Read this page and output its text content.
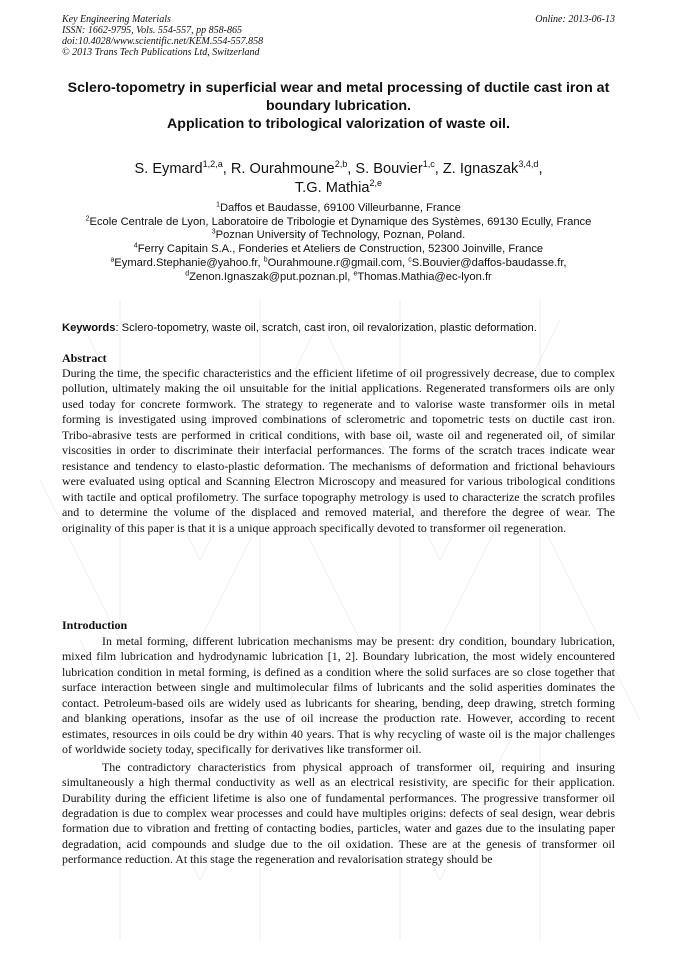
Key Engineering Materials
ISSN: 1662-9795, Vols. 554-557, pp 858-865
doi:10.4028/www.scientific.net/KEM.554-557.858
© 2013 Trans Tech Publications Ltd, Switzerland
Online: 2013-06-13
Sclero-topometry in superficial wear and metal processing of ductile cast iron at boundary lubrication.
Application to tribological valorization of waste oil.
S. Eymard$^{1,2,a}$, R. Ourahmoune$^{2,b}$, S. Bouvier$^{1,c}$, Z. Ignaszak$^{3,4,d}$,
T.G. Mathia$^{2,e}$
$^1$Daffos et Baudasse, 69100 Villeurbanne, France
$^2$Ecole Centrale de Lyon, Laboratoire de Tribologie et Dynamique des Systèmes, 69130 Ecully, France
$^3$Poznan University of Technology, Poznan, Poland.
$^4$Ferry Capitain S.A., Fonderies et Ateliers de Construction, 52300 Joinville, France
$^a$Eymard.Stephanie@yahoo.fr, $^b$Ourahmoune.r@gmail.com, $^c$S.Bouvier@daffos-baudasse.fr,
$^d$Zenon.Ignaszak@put.poznan.pl, $^e$Thomas.Mathia@ec-lyon.fr
Keywords: Sclero-topometry, waste oil, scratch, cast iron, oil revalorization, plastic deformation.
Abstract

During the time, the specific characteristics and the efficient lifetime of oil progressively decrease, due to complex pollution, ultimately making the oil unsuitable for the initial applications. Regenerated transformers oils are only used today for concrete formwork. The strategy to regenerate and to valorise waste transformer oils in metal forming is investigated using improved combinations of sclerometric and topometric tests on ductile cast iron. Tribo-abrasive tests are performed in critical conditions, with base oil, waste oil and regenerated oil, of similar viscosities in order to discriminate their interfacial performances. The forms of the scratch traces indicate wear resistance and tendency to elasto-plastic deformation. The mechanisms of deformation and frictional behaviours were evaluated using optical and Scanning Electron Microscopy and measured for various tribological conditions with tactile and optical profilometry. The surface topography metrology is used to characterize the scratch profiles and to determine the volume of the displaced and removed material, and therefore the degree of wear. The originality of this paper is that it is a unique approach specifically devoted to transformer oil regeneration.

Introduction

In metal forming, different lubrication mechanisms may be present: dry condition, boundary lubrication, mixed film lubrication and hydrodynamic lubrication [1, 2]. Boundary lubrication, the most widely encountered lubrication condition in metal forming, is defined as a condition where the solid surfaces are so close together that surface interaction between single and multimolecular films of lubricants and the solid asperities dominates the contact. Petroleum-based oils are widely used as lubricants for shearing, bending, deep drawing, stretch forming and blanking operations, insofar as the use of oil increase the production rate. However, according to recent estimates, resources in oils could be dry within 40 years. That is why recycling of waste oil is the major challenges of worldwide society today, specifically for derivatives like transformer oil.

The contradictory characteristics from physical approach of transformer oil, requiring and insuring simultaneously a high thermal conductivity as well as an electrical resistivity, are specific for their application. Durability during the efficient lifetime is also one of fundamental performances. The progressive transformer oil degradation is due to complex wear processes and could have multiples origins: defects of seal design, wear debris formation due to vibration and fretting of contacting bodies, particles, water and gazes due to the insulating paper degradation, acid compounds and sludge due to the oil oxidation. These are at the genesis of transformer oil performance reduction. At this stage the regeneration and revalorisation strategy should be
